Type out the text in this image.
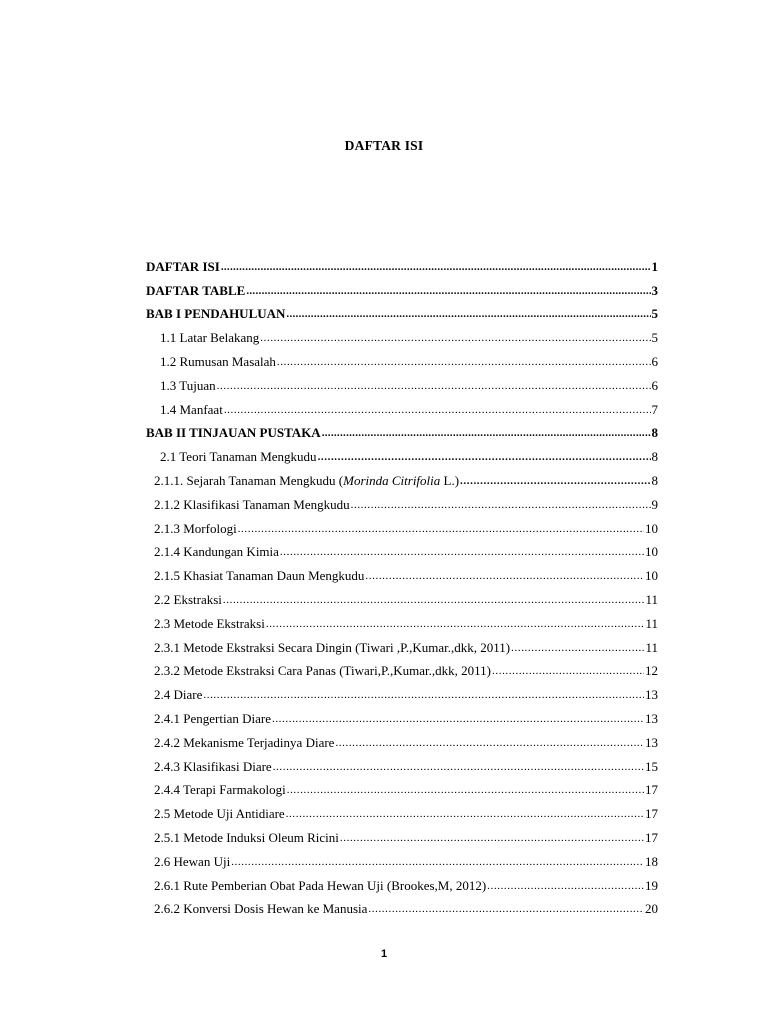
DAFTAR ISI
DAFTAR ISI .....	1
DAFTAR TABLE .....	3
BAB I PENDAHULUAN .....	5
1.1 Latar Belakang .....	5
1.2 Rumusan Masalah .....	6
1.3 Tujuan .....	6
1.4 Manfaat .....	7
BAB II TINJAUAN PUSTAKA .....	8
2.1 Teori Tanaman Mengkudu .....	8
2.1.1. Sejarah Tanaman Mengkudu (Morinda Citrifolia L.) .....	8
2.1.2 Klasifikasi Tanaman Mengkudu .....	9
2.1.3 Morfologi .....	10
2.1.4 Kandungan Kimia .....	10
2.1.5 Khasiat Tanaman Daun Mengkudu .....	10
2.2 Ekstraksi .....	11
2.3 Metode Ekstraksi .....	11
2.3.1 Metode Ekstraksi Secara Dingin (Tiwari ,P.,Kumar.,dkk, 2011) .....	11
2.3.2 Metode Ekstraksi Cara Panas (Tiwari,P.,Kumar.,dkk, 2011) .....	12
2.4 Diare .....	13
2.4.1 Pengertian Diare .....	13
2.4.2 Mekanisme Terjadinya Diare .....	13
2.4.3 Klasifikasi Diare .....	15
2.4.4 Terapi Farmakologi .....	17
2.5 Metode Uji Antidiare .....	17
2.5.1 Metode Induksi Oleum Ricini .....	17
2.6 Hewan Uji .....	18
2.6.1 Rute Pemberian Obat Pada Hewan Uji (Brookes,M, 2012) .....	19
2.6.2 Konversi Dosis Hewan ke Manusia .....	20
1
